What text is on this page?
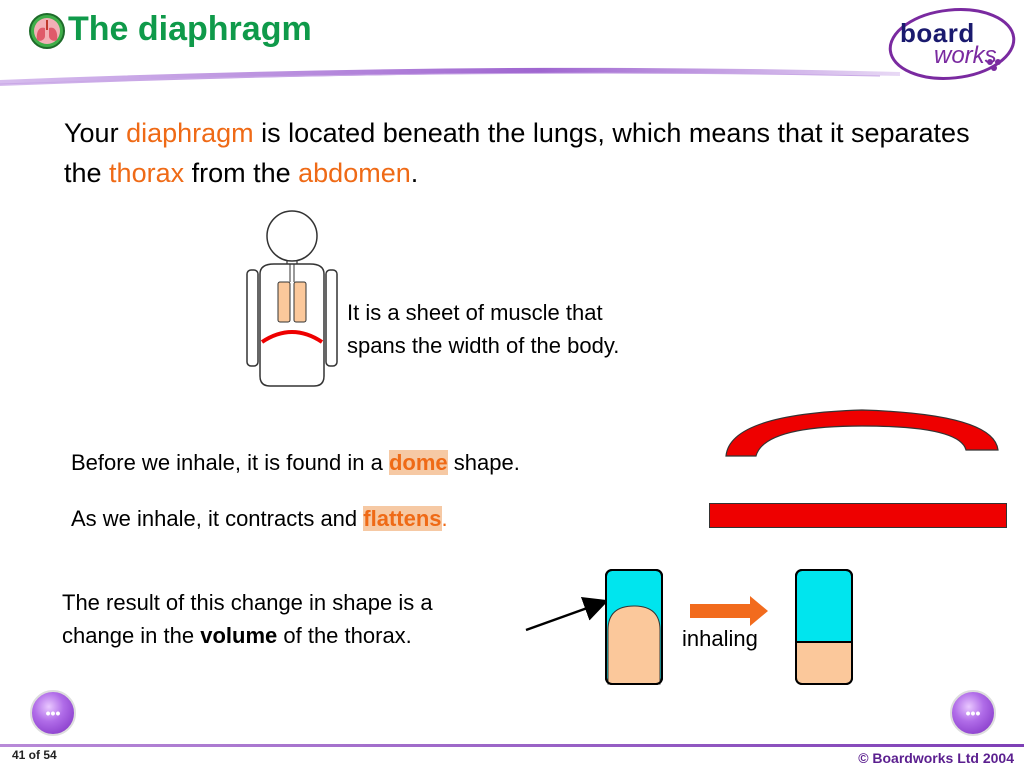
The diaphragm	board
works
Your diaphragm is located beneath the lungs, which means that it separates the thorax from the abdomen.
It is a sheet of muscle that
spans the width of the body.
Before we inhale, it is found in a dome shape.
As we inhale, it contracts and flattens.
The result of this change in shape is a
change in the volume of the thorax.	inhaling
•••	•••
41 of 54	© Boardworks Ltd 2004
